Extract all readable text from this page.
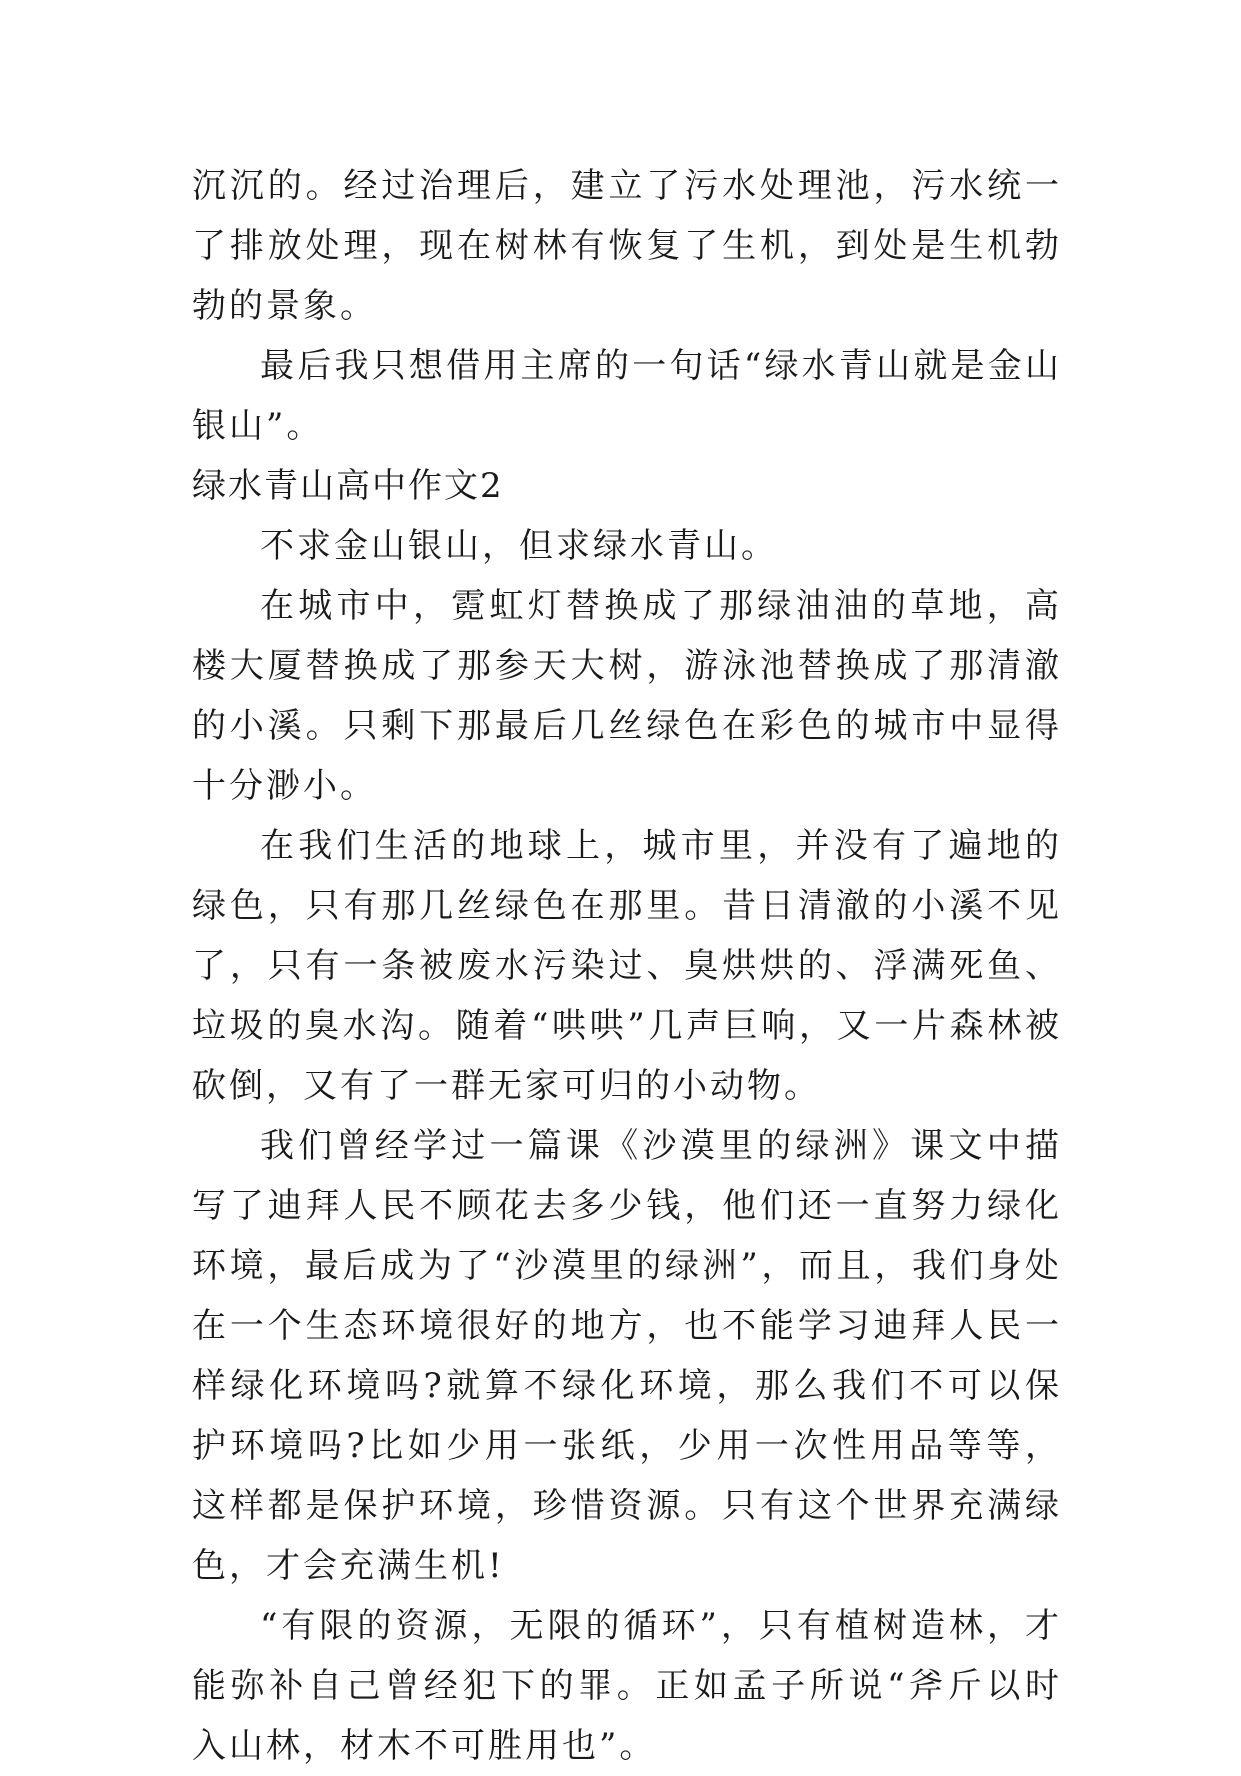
沉沉的。经过治理后，建立了污水处理池，污水统一了排放处理，现在树林有恢复了生机，到处是生机勃勃的景象。

最后我只想借用主席的一句话“绿水青山就是金山银山”。

绿水青山高中作文2

不求金山银山，但求绿水青山。

在城市中，霓虹灯替换成了那绿油油的草地，高楼大厦替换成了那参天大树，游泳池替换成了那清澈的小溪。只剩下那最后几丝绿色在彩色的城市中显得十分渺小。

在我们生活的地球上，城市里，并没有了遍地的绿色，只有那几丝绿色在那里。昔日清澈的小溪不见了，只有一条被废水污染过、臭烘烘的、浮满死鱼、垃圾的臭水沟。随着“哄哄”几声巨响，又一片森林被砍倒，又有了一群无家可归的小动物。

我们曾经学过一篇课《沙漠里的绿洲》课文中描写了迪拜人民不顾花去多少钱，他们还一直努力绿化环境，最后成为了“沙漠里的绿洲”，而且，我们身处在一个生态环境很好的地方，也不能学习迪拜人民一样绿化环境吗?就算不绿化环境，那么我们不可以保护环境吗?比如少用一张纸，少用一次性用品等等，这样都是保护环境，珍惜资源。只有这个世界充满绿色，才会充满生机!

“有限的资源，无限的循环”，只有植树造林，才能弥补自己曾经犯下的罪。正如孟子所说“斧斤以时入山林，材木不可胜用也”。
